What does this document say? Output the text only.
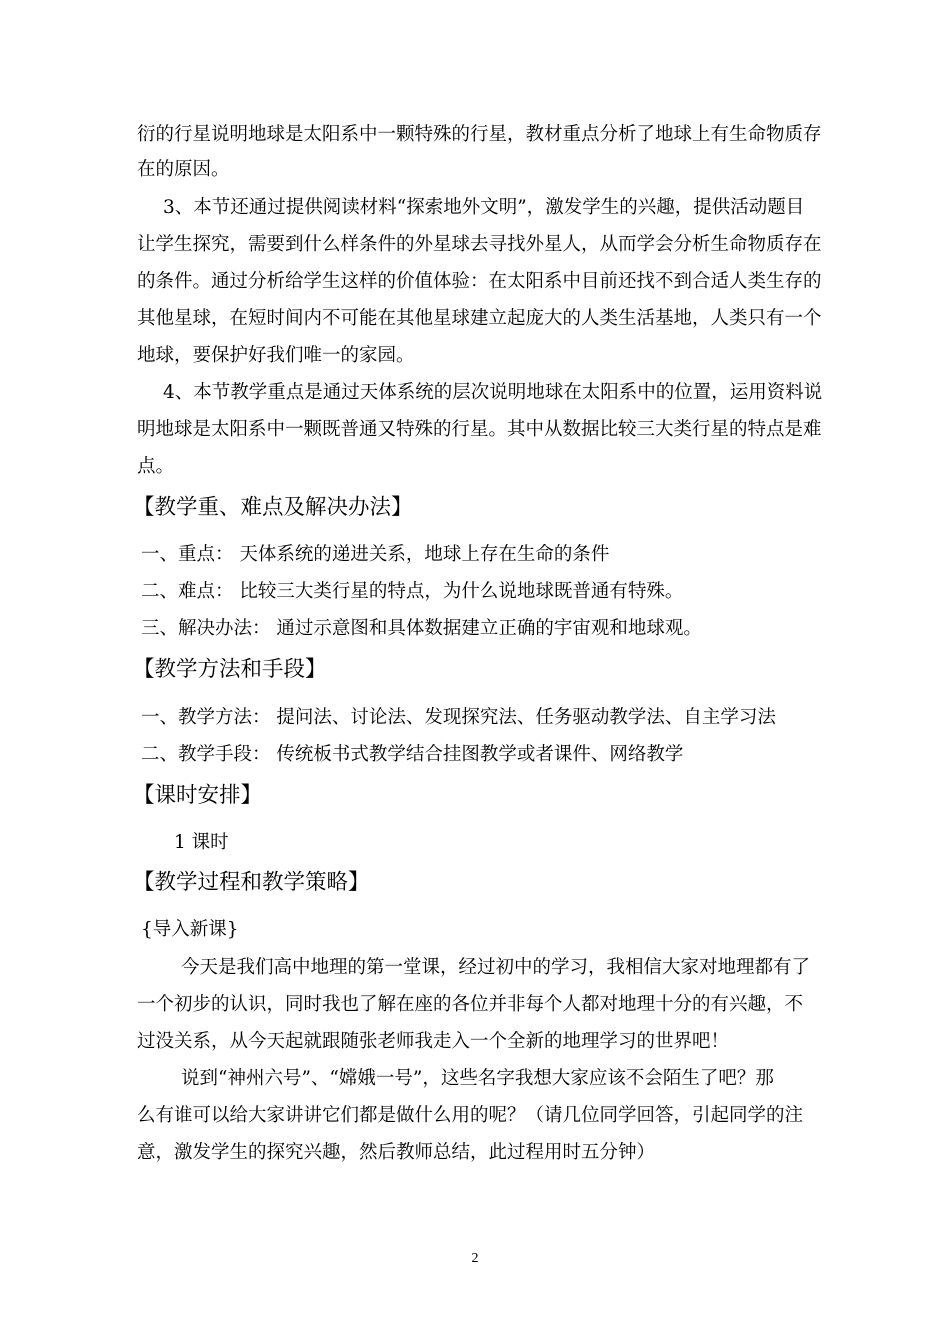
衍的行星说明地球是太阳系中一颗特殊的行星，教材重点分析了地球上有生命物质存
在的原因。
3、本节还通过提供阅读材料“探索地外文明”，激发学生的兴趣，提供活动题目
让学生探究，需要到什么样条件的外星球去寻找外星人，从而学会分析生命物质存在
的条件。通过分析给学生这样的价值体验：在太阳系中目前还找不到合适人类生存的
其他星球，在短时间内不可能在其他星球建立起庞大的人类生活基地，人类只有一个
地球，要保护好我们唯一的家园。
4、本节教学重点是通过天体系统的层次说明地球在太阳系中的位置，运用资料说
明地球是太阳系中一颗既普通又特殊的行星。其中从数据比较三大类行星的特点是难
点。
【教学重、难点及解决办法】
一、重点： 天体系统的递进关系，地球上存在生命的条件
二、难点： 比较三大类行星的特点，为什么说地球既普通有特殊。
三、解决办法： 通过示意图和具体数据建立正确的宇宙观和地球观。
【教学方法和手段】
一、教学方法： 提问法、讨论法、发现探究法、任务驱动教学法、自主学习法
二、教学手段： 传统板书式教学结合挂图教学或者课件、网络教学
【课时安排】
1 课时
【教学过程和教学策略】
{导入新课}
今天是我们高中地理的第一堂课，经过初中的学习，我相信大家对地理都有了
一个初步的认识，同时我也了解在座的各位并非每个人都对地理十分的有兴趣，不
过没关系，从今天起就跟随张老师我走入一个全新的地理学习的世界吧！
说到“神州六号”、“嫦娥一号”，这些名字我想大家应该不会陌生了吧？那
么有谁可以给大家讲讲它们都是做什么用的呢？（请几位同学回答，引起同学的注
意，激发学生的探究兴趣，然后教师总结，此过程用时五分钟）
2
